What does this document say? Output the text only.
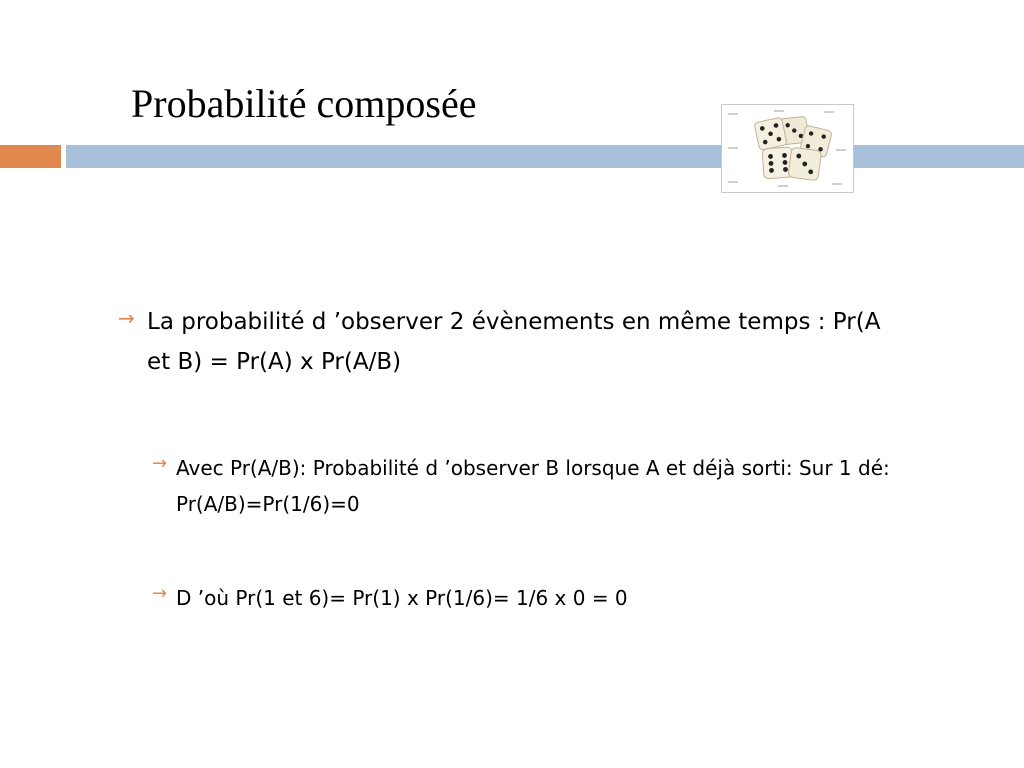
Probabilité composée
→ La probabilité d ’observer 2 évènements en même temps : Pr(A et B) = Pr(A) x Pr(A/B)
→ Avec Pr(A/B): Probabilité d ’observer B lorsque A et déjà sorti: Sur 1 dé: Pr(A/B)=Pr(1/6)=0
→ D ’où Pr(1 et 6)= Pr(1) x Pr(1/6)= 1/6 x 0 = 0
